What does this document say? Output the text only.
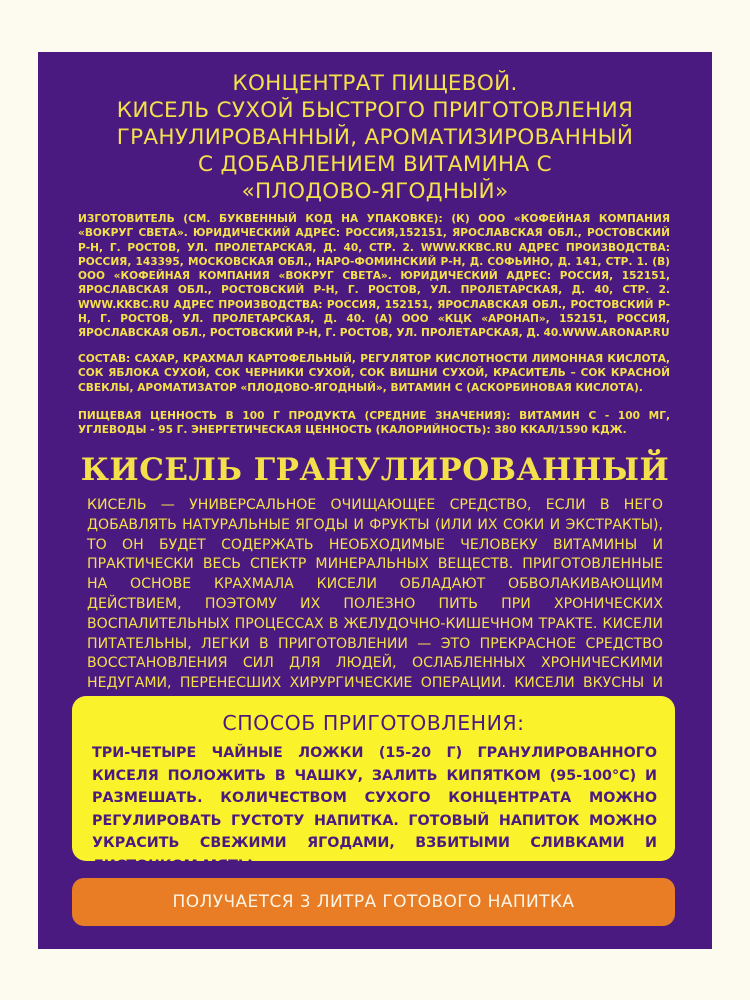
КОНЦЕНТРАТ ПИЩЕВОЙ.
КИСЕЛЬ СУХОЙ БЫСТРОГО ПРИГОТОВЛЕНИЯ
ГРАНУЛИРОВАННЫЙ, АРОМАТИЗИРОВАННЫЙ
С ДОБАВЛЕНИЕМ ВИТАМИНА С
«ПЛОДОВО-ЯГОДНЫЙ»
ИЗГОТОВИТЕЛЬ (СМ. БУКВЕННЫЙ КОД НА УПАКОВКЕ): (К) ООО «КОФЕЙНАЯ КОМПАНИЯ «ВОКРУГ СВЕТА». ЮРИДИЧЕСКИЙ АДРЕС: РОССИЯ,152151, ЯРОСЛАВСКАЯ ОБЛ., РОСТОВСКИЙ Р-Н, Г. РОСТОВ, УЛ. ПРОЛЕТАРСКАЯ, Д. 40, СТР. 2. WWW.KKBC.RU АДРЕС ПРОИЗВОДСТВА: РОССИЯ, 143395, МОСКОВСКАЯ ОБЛ., НАРО-ФОМИНСКИЙ Р-Н, Д. СОФЬИНО, Д. 141, СТР. 1. (В) ООО «КОФЕЙНАЯ КОМПАНИЯ «ВОКРУГ СВЕТА». ЮРИДИЧЕСКИЙ АДРЕС: РОССИЯ, 152151, ЯРОСЛАВСКАЯ ОБЛ., РОСТОВСКИЙ Р-Н, Г. РОСТОВ, УЛ. ПРОЛЕТАРСКАЯ, Д. 40, СТР. 2. WWW.KKBC.RU АДРЕС ПРОИЗВОДСТВА: РОССИЯ, 152151, ЯРОСЛАВСКАЯ ОБЛ., РОСТОВСКИЙ Р-Н, Г. РОСТОВ, УЛ. ПРОЛЕТАРСКАЯ, Д. 40. (А) ООО «КЦК «АРОНАП», 152151, РОССИЯ, ЯРОСЛАВСКАЯ ОБЛ., РОСТОВСКИЙ Р-Н, Г. РОСТОВ, УЛ. ПРОЛЕТАРСКАЯ, Д. 40.WWW.ARONAP.RU
СОСТАВ: САХАР, КРАХМАЛ КАРТОФЕЛЬНЫЙ, РЕГУЛЯТОР КИСЛОТНОСТИ ЛИМОННАЯ КИСЛОТА, СОК ЯБЛОКА СУХОЙ, СОК ЧЕРНИКИ СУХОЙ, СОК ВИШНИ СУХОЙ, КРАСИТЕЛЬ – СОК КРАСНОЙ СВЕКЛЫ, АРОМАТИЗАТОР «ПЛОДОВО-ЯГОДНЫЙ», ВИТАМИН С (АСКОРБИНОВАЯ КИСЛОТА).
ПИЩЕВАЯ ЦЕННОСТЬ В 100 Г ПРОДУКТА (СРЕДНИЕ ЗНАЧЕНИЯ): ВИТАМИН С - 100 МГ, УГЛЕВОДЫ - 95 Г. ЭНЕРГЕТИЧЕСКАЯ ЦЕННОСТЬ (КАЛОРИЙНОСТЬ): 380 ККАЛ/1590 КДЖ.
КИСЕЛЬ ГРАНУЛИРОВАННЫЙ
КИСЕЛЬ — УНИВЕРСАЛЬНОЕ ОЧИЩАЮЩЕЕ СРЕДСТВО, ЕСЛИ В НЕГО ДОБАВЛЯТЬ НАТУРАЛЬНЫЕ ЯГОДЫ И ФРУКТЫ (ИЛИ ИХ СОКИ И ЭКСТРАКТЫ), ТО ОН БУДЕТ СОДЕРЖАТЬ НЕОБХОДИМЫЕ ЧЕЛОВЕКУ ВИТАМИНЫ И ПРАКТИЧЕСКИ ВЕСЬ СПЕКТР МИНЕРАЛЬНЫХ ВЕЩЕСТВ. ПРИГОТОВЛЕННЫЕ НА ОСНОВЕ КРАХМАЛА КИСЕЛИ ОБЛАДАЮТ ОБВОЛАКИВАЮЩИМ ДЕЙСТВИЕМ, ПОЭТОМУ ИХ ПОЛЕЗНО ПИТЬ ПРИ ХРОНИЧЕСКИХ ВОСПАЛИТЕЛЬНЫХ ПРОЦЕССАХ В ЖЕЛУДОЧНО-КИШЕЧНОМ ТРАКТЕ. КИСЕЛИ ПИТАТЕЛЬНЫ, ЛЕГКИ В ПРИГОТОВЛЕНИИ — ЭТО ПРЕКРАСНОЕ СРЕДСТВО ВОССТАНОВЛЕНИЯ СИЛ ДЛЯ ЛЮДЕЙ, ОСЛАБЛЕННЫХ ХРОНИЧЕСКИМИ НЕДУГАМИ, ПЕРЕНЕСШИХ ХИРУРГИЧЕСКИЕ ОПЕРАЦИИ. КИСЕЛИ ВКУСНЫ И
СПОСОБ ПРИГОТОВЛЕНИЯ:
ТРИ-ЧЕТЫРЕ ЧАЙНЫЕ ЛОЖКИ (15-20 Г) ГРАНУЛИРОВАННОГО КИСЕЛЯ ПОЛОЖИТЬ В ЧАШКУ, ЗАЛИТЬ КИПЯТКОМ (95-100°С) И РАЗМЕШАТЬ. КОЛИЧЕСТВОМ СУХОГО КОНЦЕНТРАТА МОЖНО РЕГУЛИРОВАТЬ ГУСТОТУ НАПИТКА. ГОТОВЫЙ НАПИТОК МОЖНО УКРАСИТЬ СВЕЖИМИ ЯГОДАМИ, ВЗБИТЫМИ СЛИВКАМИ И ЛИСТОЧКОМ МЯТЫ.
ПОЛУЧАЕТСЯ 3 ЛИТРА ГОТОВОГО НАПИТКА
